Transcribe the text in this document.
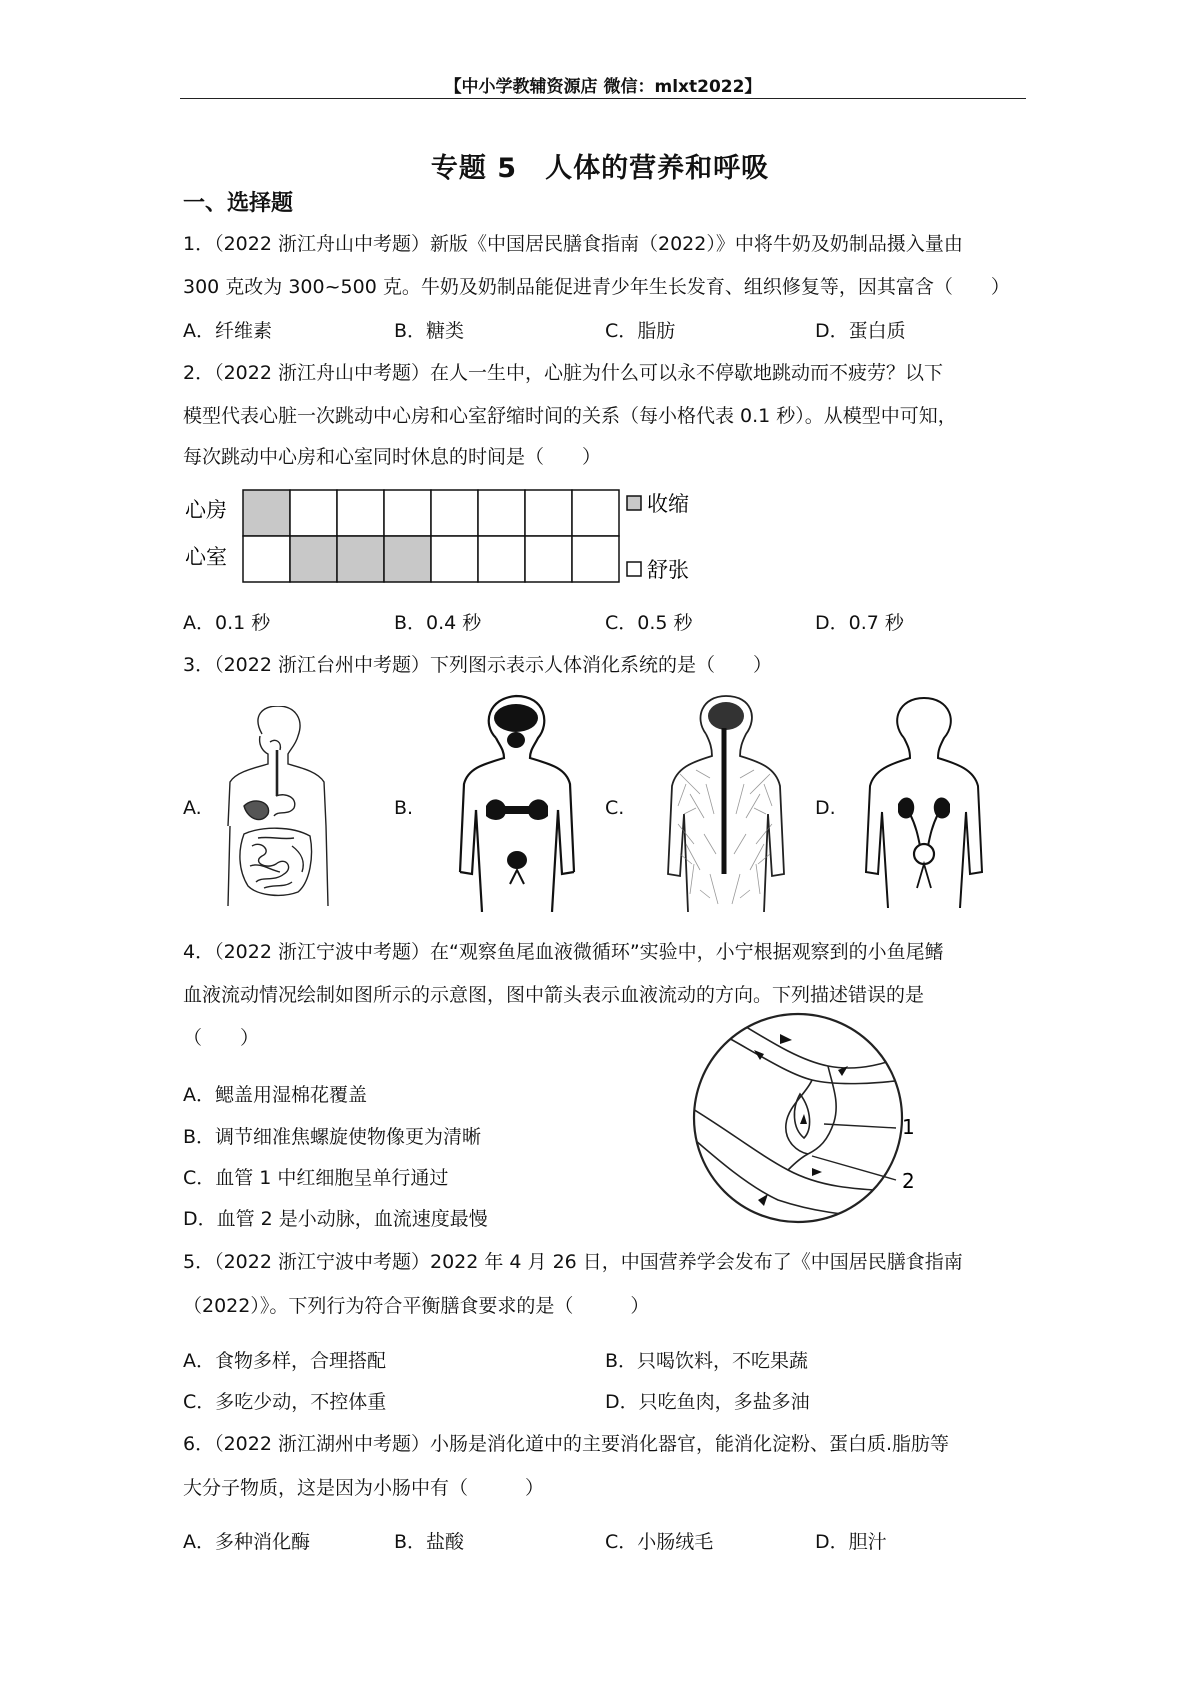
【中小学教辅资源店 微信：mlxt2022】
专题 5　人体的营养和呼吸
一、选择题
1．（2022 浙江舟山中考题）新版《中国居民膳食指南（2022）》中将牛奶及奶制品摄入量由
300 克改为 300~500 克。牛奶及奶制品能促进青少年生长发育、组织修复等，因其富含（　　）
A．纤维素	B．糖类	C．脂肪	D．蛋白质
2．（2022 浙江舟山中考题）在人一生中，心脏为什么可以永不停歇地跳动而不疲劳？以下
模型代表心脏一次跳动中心房和心室舒缩时间的关系（每小格代表 0.1 秒）。从模型中可知，
每次跳动中心房和心室同时休息的时间是（　　）
心房
心室
收缩
舒张
A．0.1 秒	B．0.4 秒	C．0.5 秒	D．0.7 秒
3．（2022 浙江台州中考题）下列图示表示人体消化系统的是（　　）
A.	B.	C.	D.
4．（2022 浙江宁波中考题）在“观察鱼尾血液微循环”实验中，小宁根据观察到的小鱼尾鳍
血液流动情况绘制如图所示的示意图，图中箭头表示血液流动的方向。下列描述错误的是
（　　）
A．鳃盖用湿棉花覆盖
B．调节细准焦螺旋使物像更为清晰
C．血管 1 中红细胞呈单行通过
D．血管 2 是小动脉，血流速度最慢
1
2
5．（2022 浙江宁波中考题）2022 年 4 月 26 日，中国营养学会发布了《中国居民膳食指南
（2022）》。下列行为符合平衡膳食要求的是（　　　）
A．食物多样，合理搭配	B．只喝饮料，不吃果蔬
C．多吃少动，不控体重	D．只吃鱼肉，多盐多油
6．（2022 浙江湖州中考题）小肠是消化道中的主要消化器官，能消化淀粉、蛋白质.脂肪等
大分子物质，这是因为小肠中有（　　　）
A．多种消化酶	B．盐酸	C．小肠绒毛	D．胆汁
